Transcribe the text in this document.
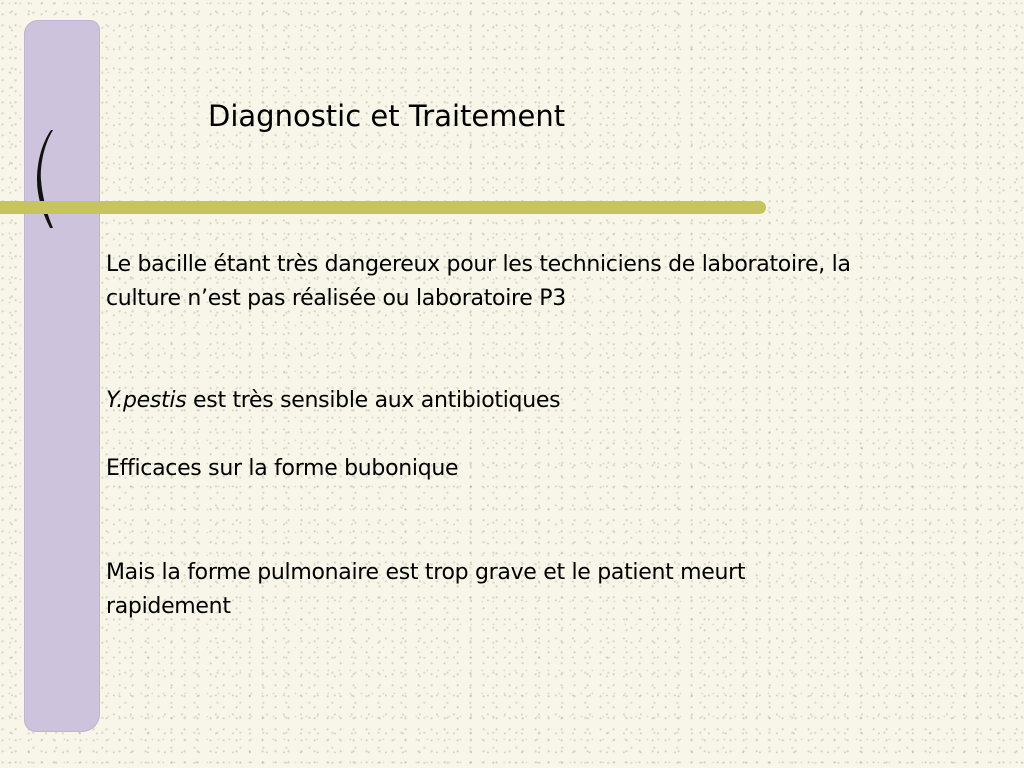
Diagnostic et Traitement
Le bacille étant très dangereux pour les techniciens de laboratoire, la culture n’est pas réalisée ou laboratoire P3
Y.pestis est très sensible aux antibiotiques
Efficaces sur la forme bubonique
Mais la forme pulmonaire est trop grave et le patient meurt rapidement
